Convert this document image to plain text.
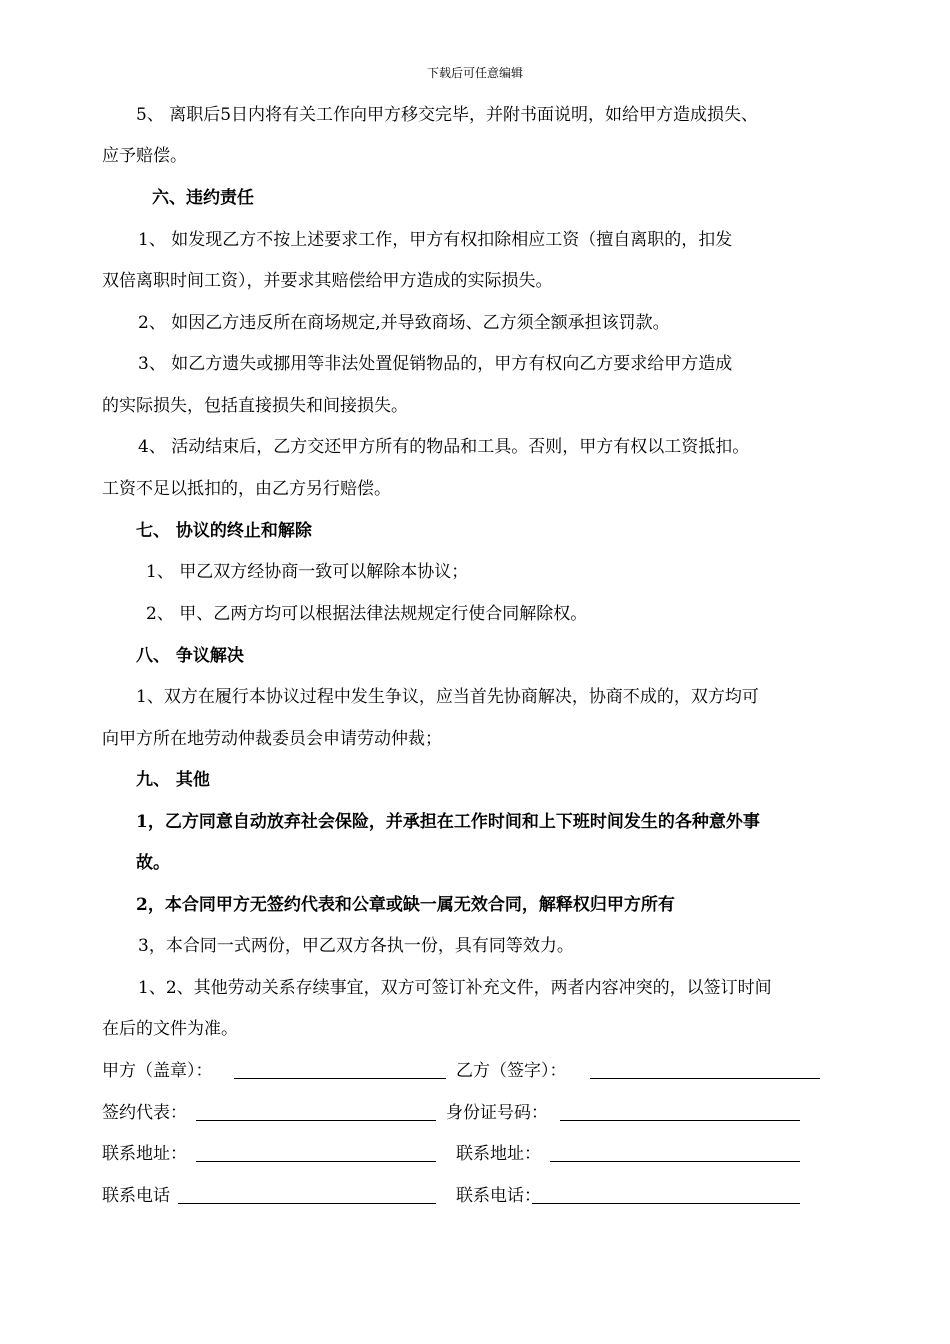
下载后可任意编辑
5、 离职后5日内将有关工作向甲方移交完毕，并附书面说明，如给甲方造成损失、
应予赔偿。
六、违约责任
1、 如发现乙方不按上述要求工作，甲方有权扣除相应工资（擅自离职的，扣发
双倍离职时间工资），并要求其赔偿给甲方造成的实际损失。
2、 如因乙方违反所在商场规定,并导致商场、乙方须全额承担该罚款。
3、 如乙方遗失或挪用等非法处置促销物品的，甲方有权向乙方要求给甲方造成
的实际损失，包括直接损失和间接损失。
4、 活动结束后，乙方交还甲方所有的物品和工具。否则，甲方有权以工资抵扣。
工资不足以抵扣的，由乙方另行赔偿。
七、 协议的终止和解除
1、 甲乙双方经协商一致可以解除本协议；
2、 甲、乙两方均可以根据法律法规规定行使合同解除权。
八、 争议解决
1、双方在履行本协议过程中发生争议，应当首先协商解决，协商不成的，双方均可
向甲方所在地劳动仲裁委员会申请劳动仲裁；
九、 其他
1，乙方同意自动放弃社会保险，并承担在工作时间和上下班时间发生的各种意外事
故。
2，本合同甲方无签约代表和公章或缺一属无效合同，解释权归甲方所有
3，本合同一式两份，甲乙双方各执一份，具有同等效力。
1、2、其他劳动关系存续事宜，双方可签订补充文件，两者内容冲突的，以签订时间
在后的文件为准。
甲方（盖章）：	乙方（签字）：
签约代表：	身份证号码：
联系地址：	联系地址：
联系电话	联系电话：
